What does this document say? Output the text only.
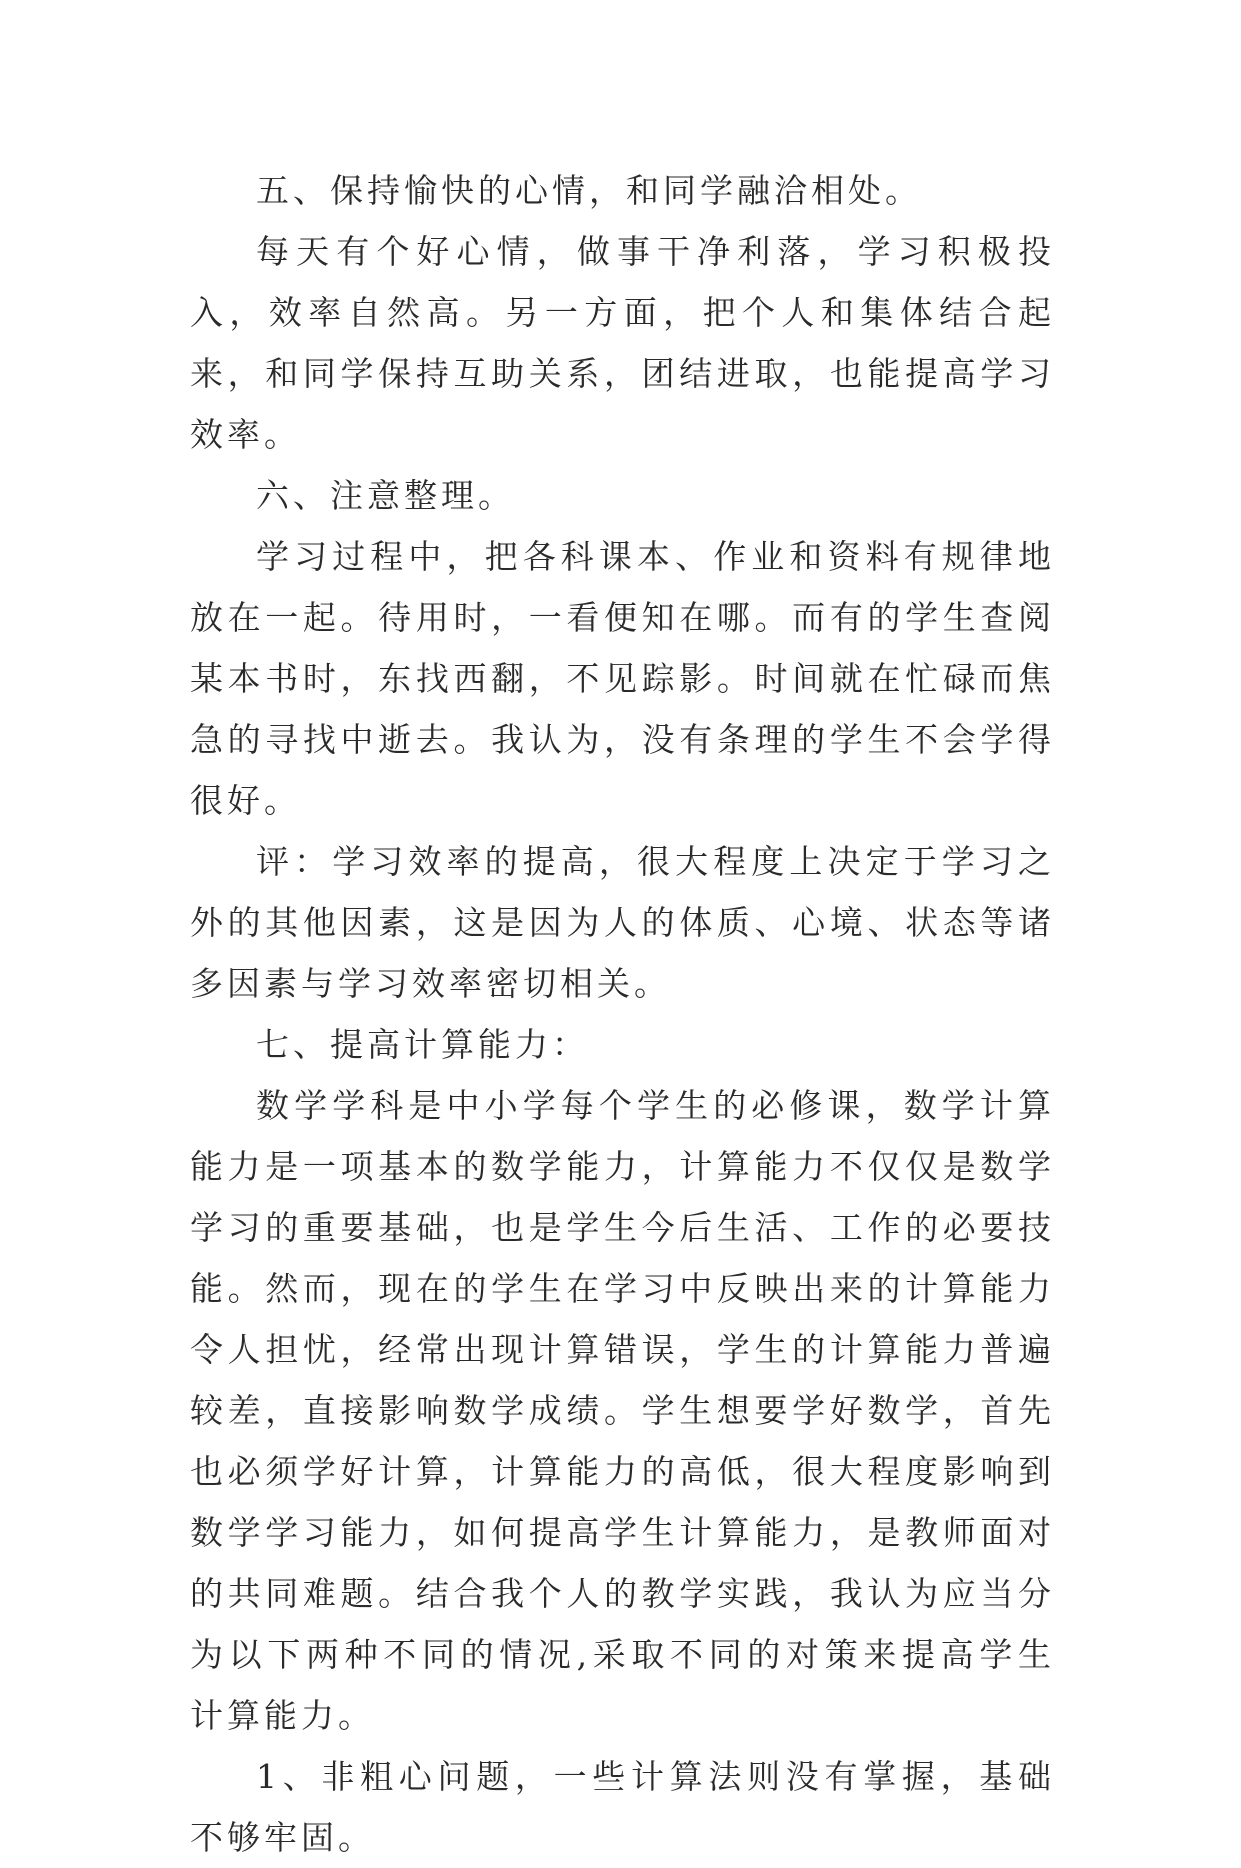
五、保持愉快的心情，和同学融洽相处。

每天有个好心情，做事干净利落，学习积极投入，效率自然高。另一方面，把个人和集体结合起来，和同学保持互助关系，团结进取，也能提高学习效率。

六、注意整理。

学习过程中，把各科课本、作业和资料有规律地放在一起。待用时，一看便知在哪。而有的学生查阅某本书时，东找西翻，不见踪影。时间就在忙碌而焦急的寻找中逝去。我认为，没有条理的学生不会学得很好。

评：学习效率的提高，很大程度上决定于学习之外的其他因素，这是因为人的体质、心境、状态等诸多因素与学习效率密切相关。

七、提高计算能力：

数学学科是中小学每个学生的必修课，数学计算能力是一项基本的数学能力，计算能力不仅仅是数学学习的重要基础，也是学生今后生活、工作的必要技能。然而，现在的学生在学习中反映出来的计算能力令人担忧，经常出现计算错误，学生的计算能力普遍较差，直接影响数学成绩。学生想要学好数学，首先也必须学好计算，计算能力的高低，很大程度影响到数学学习能力，如何提高学生计算能力，是教师面对的共同难题。结合我个人的教学实践，我认为应当分为以下两种不同的情况,采取不同的对策来提高学生计算能力。

1、非粗心问题，一些计算法则没有掌握，基础不够牢固。
